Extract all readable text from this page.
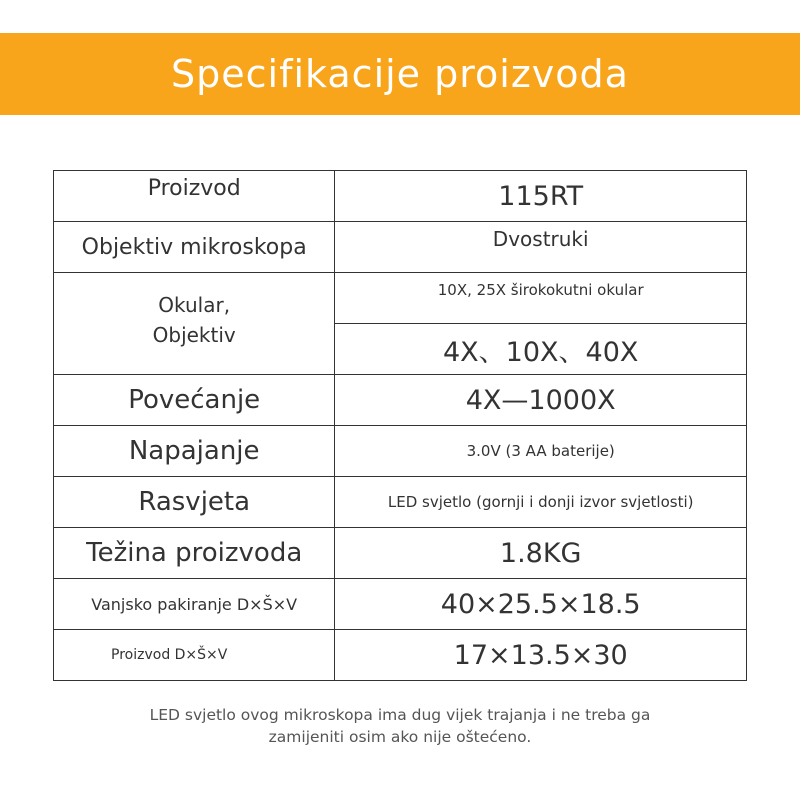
Specifikacije proizvoda
Proizvod	115RT
Objektiv mikroskopa	Dvostruki

Okular,
Objektiv	10X, 25X širokokutni okular
	4X、10X、40X
Povećanje	4X—1000X
Napajanje	3.0V (3 AA baterije)
Rasvjeta	LED svjetlo (gornji i donji izvor svjetlosti)
Težina proizvoda	1.8KG
Vanjsko pakiranje D×Š×V	40×25.5×18.5
Proizvod D×Š×V	17×13.5×30
LED svjetlo ovog mikroskopa ima dug vijek trajanja i ne treba ga
zamijeniti osim ako nije oštećeno.
